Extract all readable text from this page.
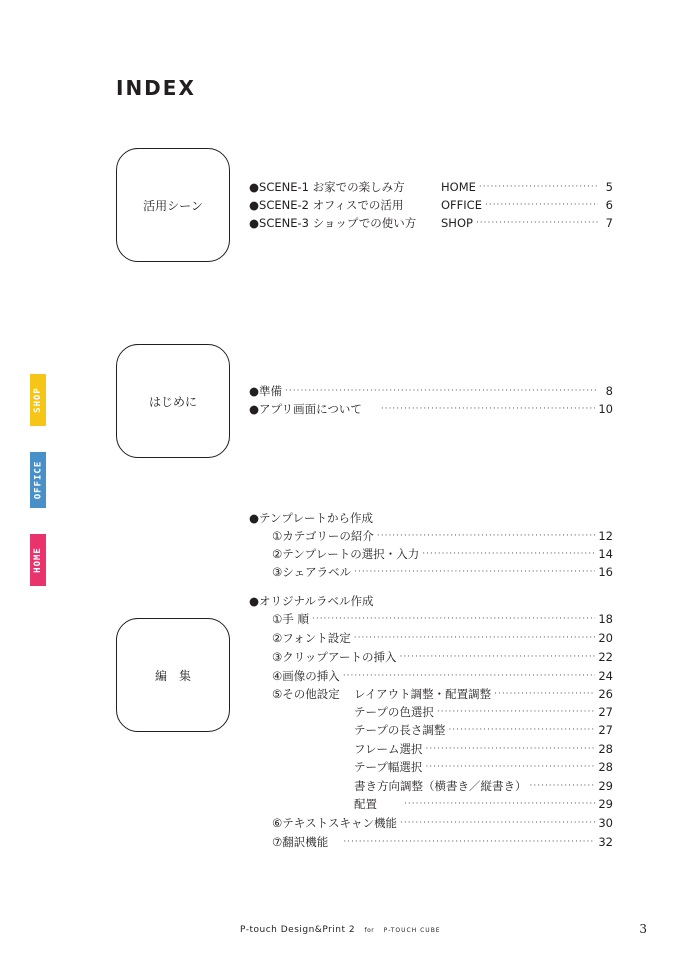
INDEX
活用シーン
●SCENE-1 お家での楽しみ方	HOME ·····	5
●SCENE-2 オフィスでの活用	OFFICE ·····	6
●SCENE-3 ショップでの使い方	SHOP ·····	7
はじめに
●準備 ·····	8
●アプリ画面について ·····	10
編　集
●テンプレートから作成
①カテゴリーの紹介 ·····	12
②テンプレートの選択・入力 ·····	14
③シェアラベル ·····	16
●オリジナルラベル作成
①手 順 ·····	18
②フォント設定 ·····	20
③クリップアートの挿入 ·····	22
④画像の挿入 ·····	24
⑤その他設定 レイアウト調整・配置調整 ·····	26
テープの色選択 ·····	27
テープの長さ調整 ·····	27
フレーム選択 ·····	28
テープ幅選択 ·····	28
書き方向調整（横書き／縦書き） ·····	29
配置 ·····	29
⑥テキストスキャン機能 ·····	30
⑦翻訳機能 ·····	32
SHOP
OFFICE
HOME
P-touch Design&Print 2 for P-TOUCH CUBE	3
